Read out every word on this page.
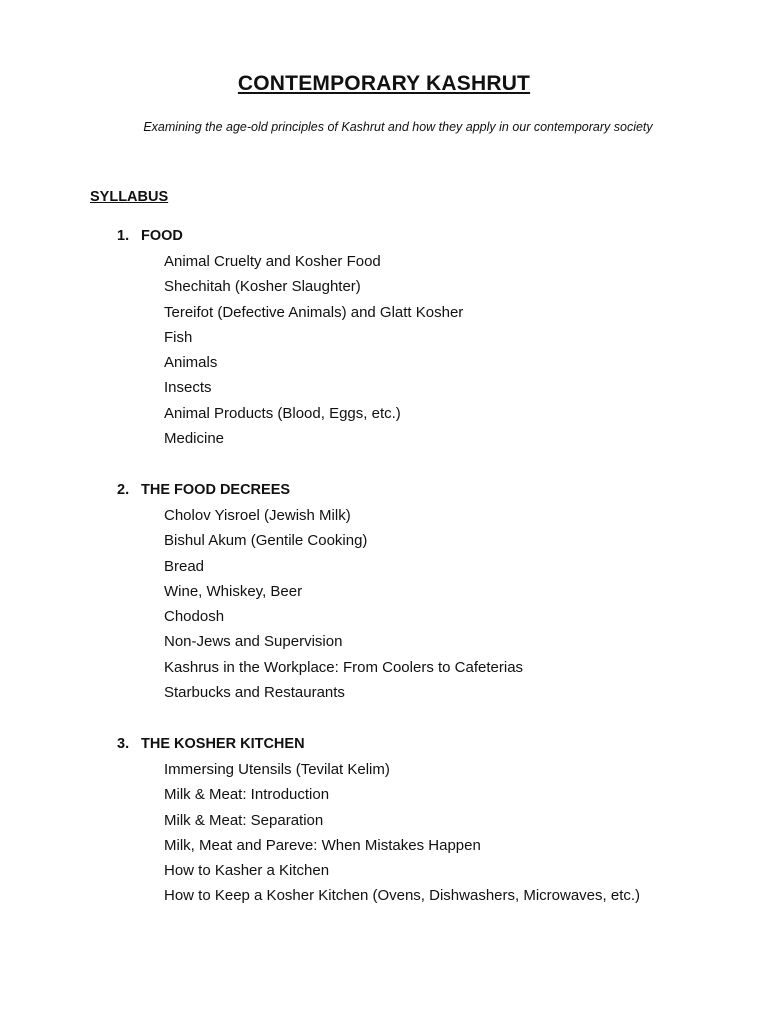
CONTEMPORARY KASHRUT
Examining the age-old principles of Kashrut and how they apply in our contemporary society
SYLLABUS
1. FOOD
Animal Cruelty and Kosher Food
Shechitah (Kosher Slaughter)
Tereifot (Defective Animals) and Glatt Kosher
Fish
Animals
Insects
Animal Products (Blood, Eggs, etc.)
Medicine
2. THE FOOD DECREES
Cholov Yisroel (Jewish Milk)
Bishul Akum (Gentile Cooking)
Bread
Wine, Whiskey, Beer
Chodosh
Non-Jews and Supervision
Kashrus in the Workplace: From Coolers to Cafeterias
Starbucks and Restaurants
3. THE KOSHER KITCHEN
Immersing Utensils (Tevilat Kelim)
Milk & Meat: Introduction
Milk & Meat: Separation
Milk, Meat and Pareve: When Mistakes Happen
How to Kasher a Kitchen
How to Keep a Kosher Kitchen (Ovens, Dishwashers, Microwaves, etc.)
